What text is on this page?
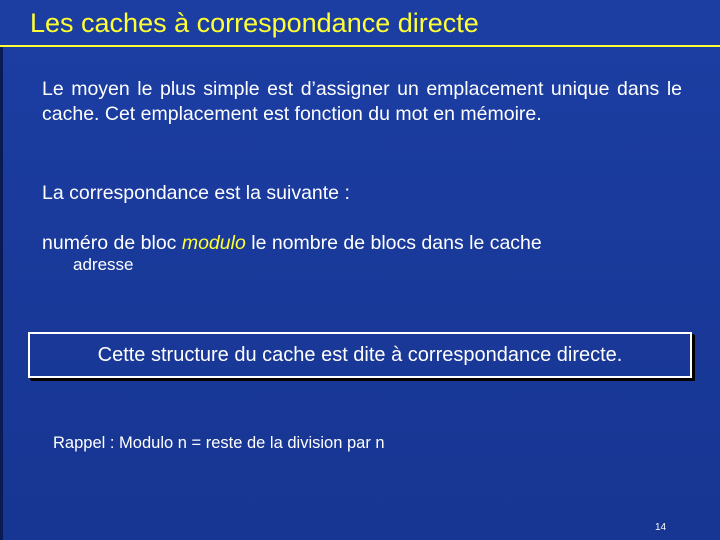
Les caches à correspondance directe
Le moyen le plus simple est d’assigner un emplacement unique dans le cache. Cet emplacement est fonction du mot en mémoire.
La correspondance est la suivante :
numéro de bloc modulo le nombre de blocs dans le cache
adresse
Cette structure du cache est dite à correspondance directe.
Rappel : Modulo n = reste de la division par n
14
